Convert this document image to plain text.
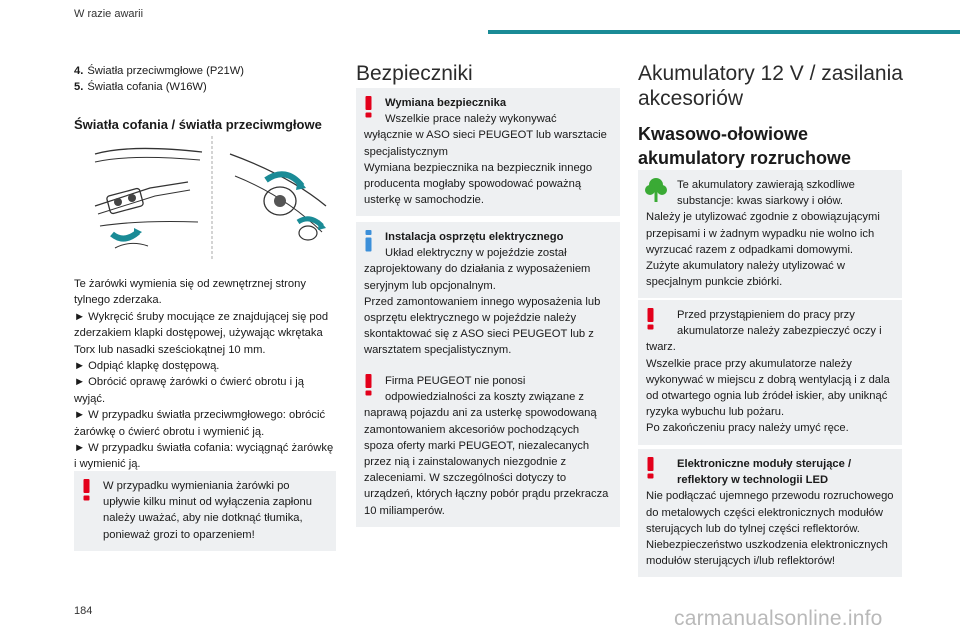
W razie awarii

4. Światła przeciwmgłowe (P21W)

5. Światła cofania (W16W)

Światła cofania / światła przeciwmgłowe

Te żarówki wymienia się od zewnętrznej strony tylnego zderzaka.

► Wykręcić śruby mocujące ze znajdującej się pod zderzakiem klapki dostępowej, używając wkrętaka Torx lub nasadki sześciokątnej 10 mm.

► Odpiąć klapkę dostępową.

► Obrócić oprawę żarówki o ćwierć obrotu i ją wyjąć.

► W przypadku światła przeciwmgłowego: obrócić żarówkę o ćwierć obrotu i wymienić ją.

► W przypadku światła cofania: wyciągnąć żarówkę i wymienić ją.

W przypadku wymieniania żarówki po upływie kilku minut od wyłączenia zapłonu należy uważać, aby nie dotknąć tłumika, ponieważ grozi to oparzeniem!

Bezpieczniki

Wymiana bezpiecznika

Wszelkie prace należy wykonywać

wyłącznie w ASO sieci PEUGEOT lub warsztacie specjalistycznym

Wymiana bezpiecznika na bezpiecznik innego producenta mogłaby spowodować poważną usterkę w samochodzie.

Instalacja osprzętu elektrycznego

Układ elektryczny w pojeździe został

zaprojektowany do działania z wyposażeniem seryjnym lub opcjonalnym.

Przed zamontowaniem innego wyposażenia lub osprzętu elektrycznego w pojeździe należy skontaktować się z ASO sieci PEUGEOT lub z warsztatem specjalistycznym.

Firma PEUGEOT nie ponosi odpowiedzialności za koszty związane z

naprawą pojazdu ani za usterkę spowodowaną zamontowaniem akcesoriów pochodzących spoza oferty marki PEUGEOT, niezalecanych przez nią i zainstalowanych niezgodnie z zaleceniami. W szczególności dotyczy to urządzeń, których łączny pobór prądu przekracza 10 miliamperów.

Akumulatory 12 V / zasilania akcesoriów
Kwasowo-ołowiowe akumulatory rozruchowe

Te akumulatory zawierają szkodliwe substancje: kwas siarkowy i ołów.

Należy je utylizować zgodnie z obowiązującymi przepisami i w żadnym wypadku nie wolno ich wyrzucać razem z odpadkami domowymi.

Zużyte akumulatory należy utylizować w specjalnym punkcie zbiórki.

Przed przystąpieniem do pracy przy akumulatorze należy zabezpieczyć oczy i

twarz.

Wszelkie prace przy akumulatorze należy wykonywać w miejscu z dobrą wentylacją i z dala od otwartego ognia lub źródeł iskier, aby uniknąć ryzyka wybuchu lub pożaru.

Po zakończeniu pracy należy umyć ręce.

Elektroniczne moduły sterujące / reflektory w technologii LED

Nie podłączać ujemnego przewodu rozruchowego do metalowych części elektronicznych modułów sterujących lub do tylnej części reflektorów.

Niebezpieczeństwo uszkodzenia elektronicznych modułów sterujących i/lub reflektorów!

184	carmanualsonline.info
